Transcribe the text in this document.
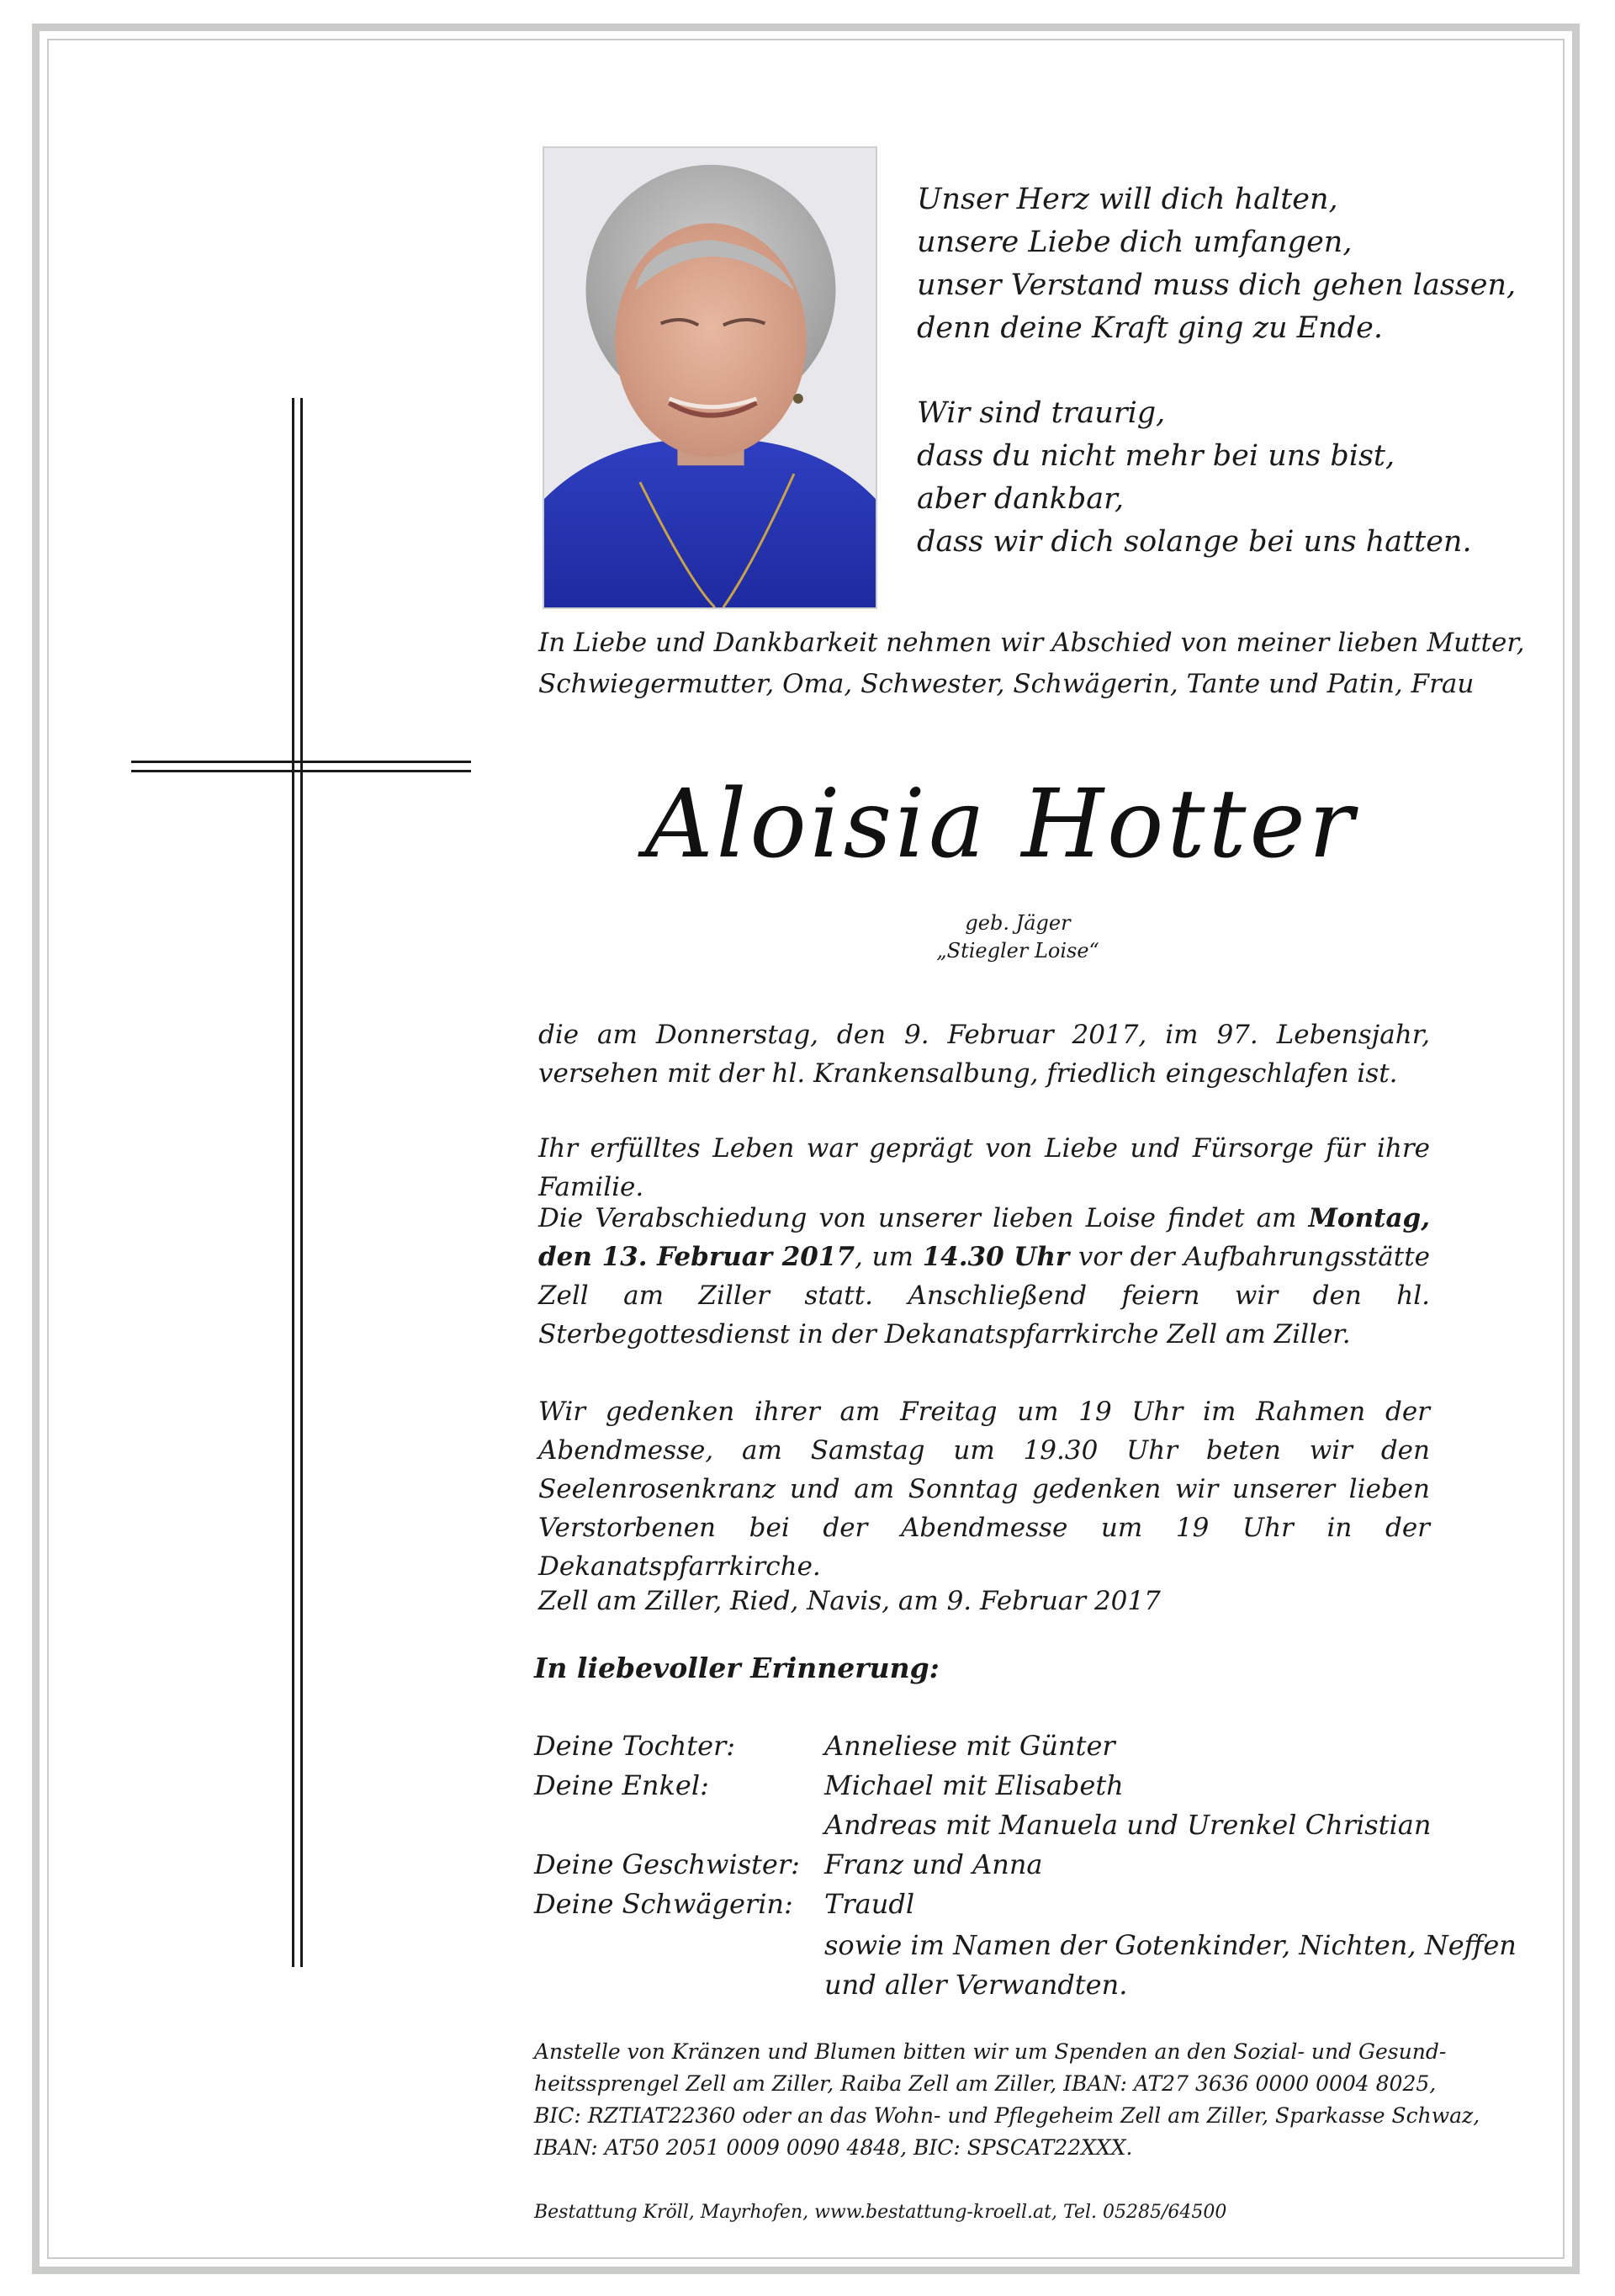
Unser Herz will dich halten,
unsere Liebe dich umfangen,
unser Verstand muss dich gehen lassen,
denn deine Kraft ging zu Ende.
Wir sind traurig,
dass du nicht mehr bei uns bist,
aber dankbar,
dass wir dich solange bei uns hatten.
In Liebe und Dankbarkeit nehmen wir Abschied von meiner lieben Mutter,
Schwiegermutter, Oma, Schwester, Schwägerin, Tante und Patin, Frau
Aloisia Hotter
geb. Jäger
„Stiegler Loise“
die am Donnerstag, den 9. Februar 2017, im 97. Lebensjahr, versehen mit der hl. Krankensalbung, friedlich eingeschlafen ist.
Ihr erfülltes Leben war geprägt von Liebe und Fürsorge für ihre Familie.
Die Verabschiedung von unserer lieben Loise findet am Montag, den 13. Februar 2017, um 14.30 Uhr vor der Aufbahrungsstätte Zell am Ziller statt. Anschließend feiern wir den hl. Sterbegottesdienst in der Dekanatspfarrkirche Zell am Ziller.
Wir gedenken ihrer am Freitag um 19 Uhr im Rahmen der Abendmesse, am Samstag um 19.30 Uhr beten wir den Seelenrosenkranz und am Sonntag gedenken wir unserer lieben Verstorbenen bei der Abendmesse um 19 Uhr in der Dekanatspfarrkirche.
Zell am Ziller, Ried, Navis, am 9. Februar 2017
In liebevoller Erinnerung:
Deine Tochter:	Anneliese mit Günter
Deine Enkel:	Michael mit Elisabeth
Andreas mit Manuela und Urenkel Christian
Deine Geschwister: Franz und Anna
Deine Schwägerin: Traudl
sowie im Namen der Gotenkinder, Nichten, Neffen
und aller Verwandten.
Anstelle von Kränzen und Blumen bitten wir um Spenden an den Sozial- und Gesund-
heitssprengel Zell am Ziller, Raiba Zell am Ziller, IBAN: AT27 3636 0000 0004 8025,
BIC: RZTIAT22360 oder an das Wohn- und Pflegeheim Zell am Ziller, Sparkasse Schwaz,
IBAN: AT50 2051 0009 0090 4848, BIC: SPSCAT22XXX.
Bestattung Kröll, Mayrhofen, www.bestattung-kroell.at, Tel. 05285/64500
